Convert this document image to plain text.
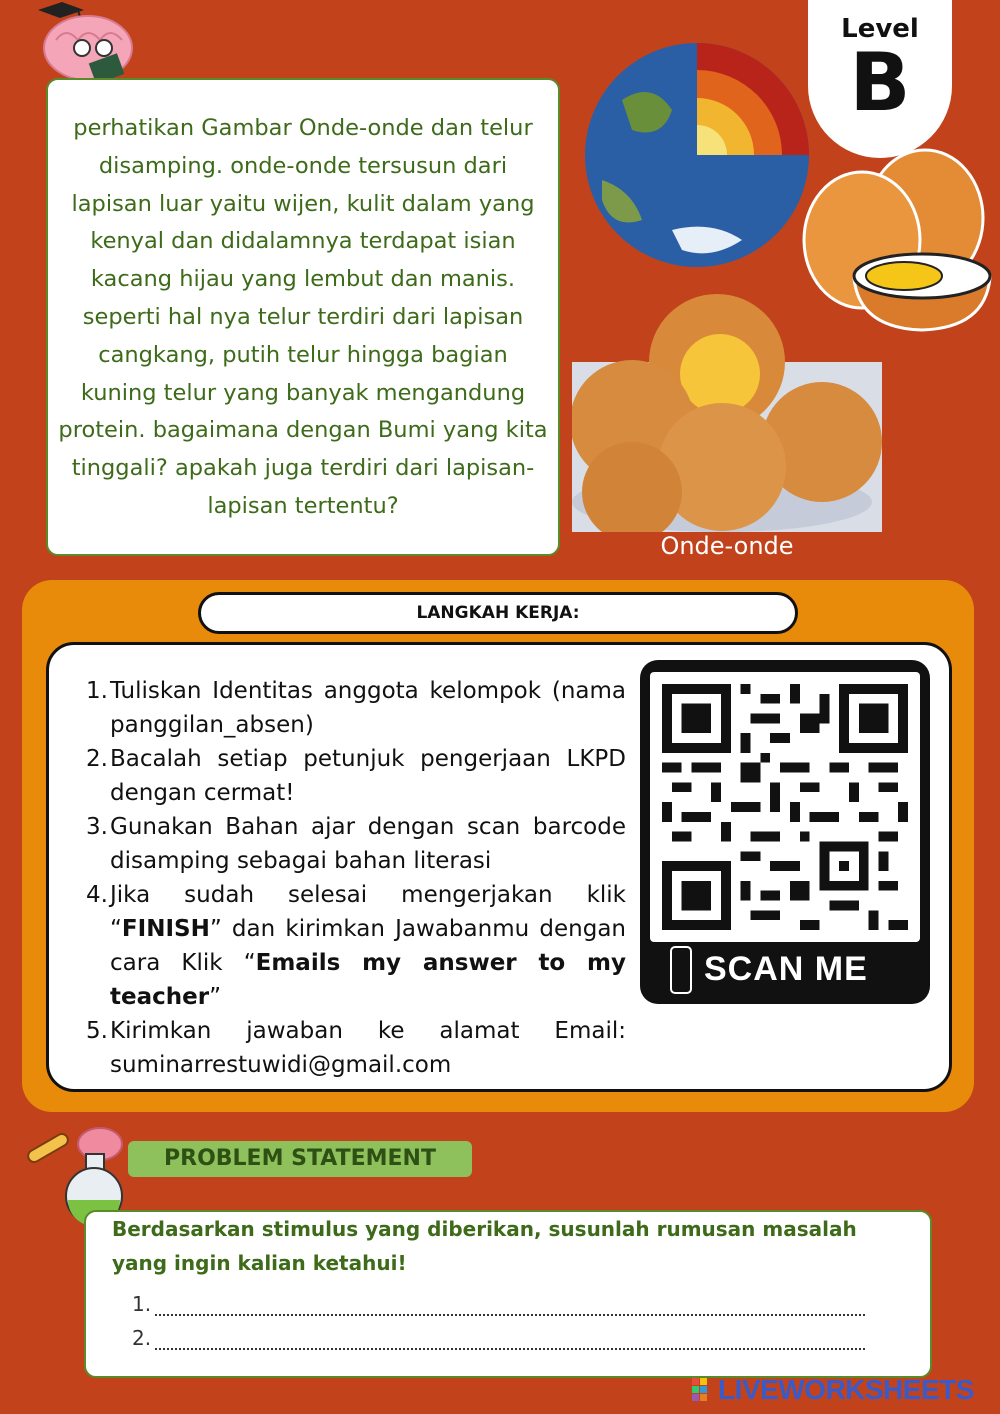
Level
B

perhatikan Gambar Onde-onde dan telur disamping. onde-onde tersusun dari lapisan luar yaitu wijen, kulit dalam yang kenyal dan didalamnya terdapat isian kacang hijau yang lembut dan manis. seperti hal nya telur terdiri dari lapisan cangkang, putih telur hingga bagian kuning telur yang banyak mengandung protein. bagaimana dengan Bumi yang kita tinggali? apakah juga terdiri dari lapisan-lapisan tertentu?

Onde-onde
LANGKAH KERJA:
1. Tuliskan Identitas anggota kelompok (nama panggilan_absen)
2. Bacalah setiap petunjuk pengerjaan LKPD dengan cermat!
3. Gunakan Bahan ajar dengan scan barcode disamping sebagai bahan literasi
4. Jika sudah selesai mengerjakan klik “FINISH” dan kirimkan Jawabanmu dengan cara Klik “Emails my answer to my teacher”
5. Kirimkan jawaban ke alamat Email: suminarrestuwidi@gmail.com
SCAN ME
PROBLEM STATEMENT
Berdasarkan stimulus yang diberikan, susunlah rumusan masalah yang ingin kalian ketahui!
1.
2.
LIVEWORKSHEETS
